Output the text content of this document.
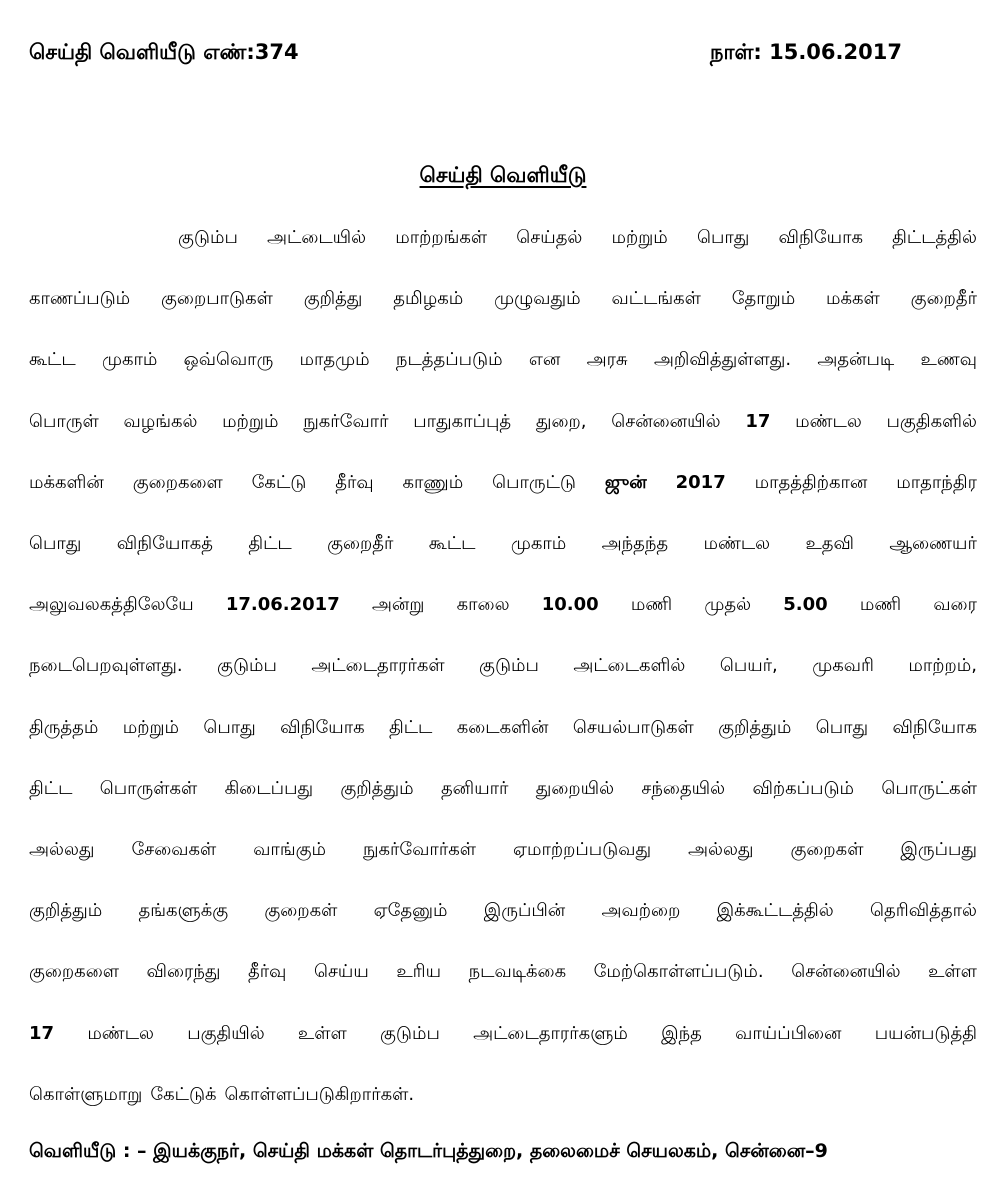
செய்தி வெளியீடு எண்:374	நாள்: 15.06.2017
செய்தி வெளியீடு
குடும்ப அட்டையில் மாற்றங்கள் செய்தல் மற்றும் பொது விநியோக திட்டத்தில்
காணப்படும் குறைபாடுகள் குறித்து தமிழகம் முழுவதும் வட்டங்கள் தோறும் மக்கள் குறைதீர்
கூட்ட முகாம் ஒவ்வொரு மாதமும் நடத்தப்படும் என அரசு அறிவித்துள்ளது. அதன்படி உணவு
பொருள் வழங்கல் மற்றும் நுகர்வோர் பாதுகாப்புத் துறை, சென்னையில் 17 மண்டல பகுதிகளில்
மக்களின் குறைகளை கேட்டு தீர்வு காணும் பொருட்டு ஜுன் 2017 மாதத்திற்கான மாதாந்திர
பொது விநியோகத் திட்ட குறைதீர் கூட்ட முகாம் அந்தந்த மண்டல உதவி ஆணையர்
அலுவலகத்திலேயே 17.06.2017 அன்று காலை 10.00 மணி முதல் 5.00 மணி வரை
நடைபெறவுள்ளது. குடும்ப அட்டைதாரர்கள் குடும்ப அட்டைகளில் பெயர், முகவரி மாற்றம்,
திருத்தம் மற்றும் பொது விநியோக திட்ட கடைகளின் செயல்பாடுகள் குறித்தும் பொது விநியோக
திட்ட பொருள்கள் கிடைப்பது குறித்தும் தனியார் துறையில் சந்தையில் விற்கப்படும் பொருட்கள்
அல்லது சேவைகள் வாங்கும் நுகர்வோர்கள் ஏமாற்றப்படுவது அல்லது குறைகள் இருப்பது
குறித்தும் தங்களுக்கு குறைகள் ஏதேனும் இருப்பின் அவற்றை இக்கூட்டத்தில் தெரிவித்தால்
குறைகளை விரைந்து தீர்வு செய்ய உரிய நடவடிக்கை மேற்கொள்ளப்படும். சென்னையில் உள்ள
17 மண்டல பகுதியில் உள்ள குடும்ப அட்டைதாரர்களும் இந்த வாய்ப்பினை பயன்படுத்தி
கொள்ளுமாறு கேட்டுக் கொள்ளப்படுகிறார்கள்.
வெளியீடு : – இயக்குநர், செய்தி மக்கள் தொடர்புத்துறை, தலைமைச் செயலகம், சென்னை–9
